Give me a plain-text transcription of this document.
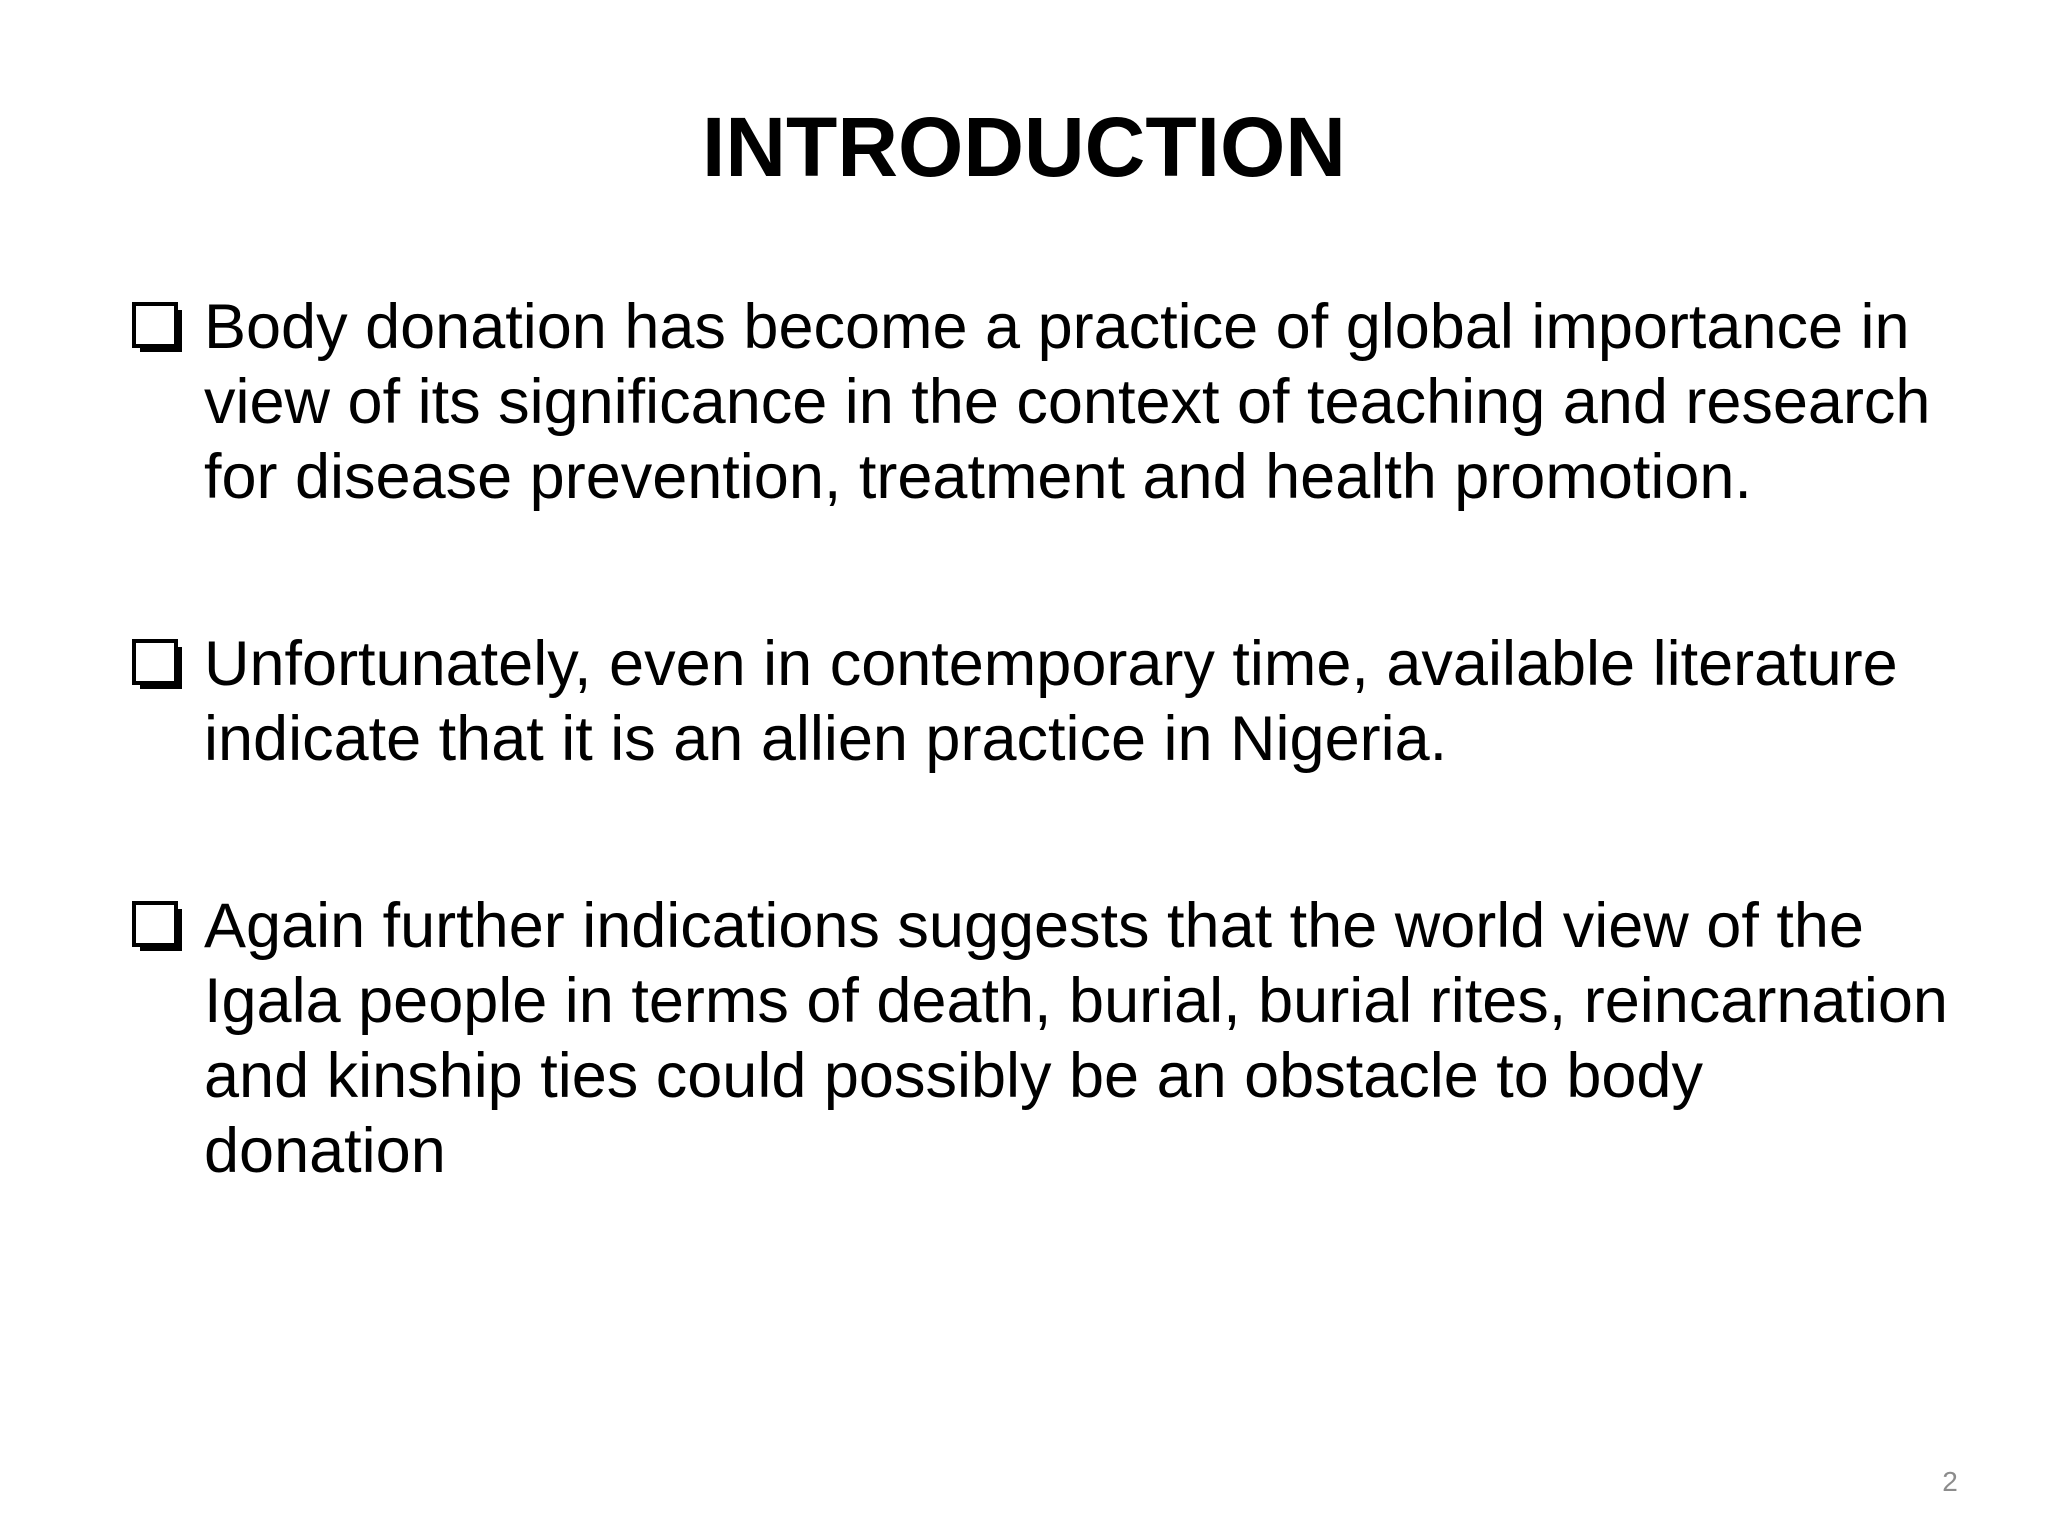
INTRODUCTION
Body donation has become a practice of global importance in view of its significance in the context of teaching and research for disease prevention, treatment and health promotion.
Unfortunately, even in contemporary time, available literature indicate that it is an allien practice in Nigeria.
Again further indications suggests that the world view of the Igala people in terms of death, burial, burial rites, reincarnation and kinship ties could possibly be an obstacle to body donation
2
